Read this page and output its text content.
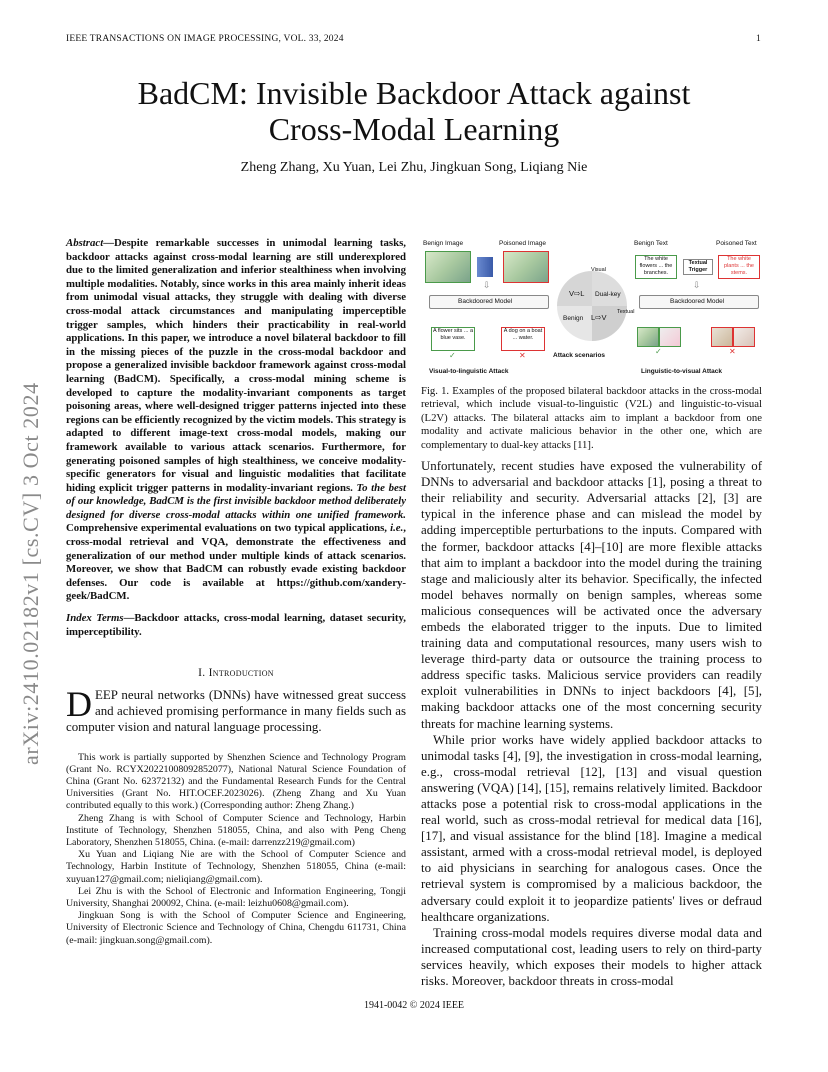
IEEE TRANSACTIONS ON IMAGE PROCESSING, VOL. 33, 2024	1
BadCM: Invisible Backdoor Attack against
Cross-Modal Learning
Zheng Zhang, Xu Yuan, Lei Zhu, Jingkuan Song, Liqiang Nie
arXiv:2410.02182v1 [cs.CV] 3 Oct 2024
Abstract—Despite remarkable successes in unimodal learning tasks, backdoor attacks against cross-modal learning are still underexplored due to the limited generalization and inferior stealthiness when involving multiple modalities. Notably, since works in this area mainly inherit ideas from unimodal visual attacks, they struggle with dealing with diverse cross-modal attack circumstances and manipulating imperceptible trigger samples, which hinders their practicability in real-world applications. In this paper, we introduce a novel bilateral backdoor to fill in the missing pieces of the puzzle in the cross-modal backdoor and propose a generalized invisible backdoor framework against cross-modal learning (BadCM). Specifically, a cross-modal mining scheme is developed to capture the modality-invariant components as target poisoning areas, where well-designed trigger patterns injected into these regions can be efficiently recognized by the victim models. This strategy is adapted to different image-text cross-modal models, making our framework available to various attack scenarios. Furthermore, for generating poisoned samples of high stealthiness, we conceive modality-specific generators for visual and linguistic modalities that facilitate hiding explicit trigger patterns in modality-invariant regions. To the best of our knowledge, BadCM is the first invisible backdoor method deliberately designed for diverse cross-modal attacks within one unified framework. Comprehensive experimental evaluations on two typical applications, i.e., cross-modal retrieval and VQA, demonstrate the effectiveness and generalization of our method under multiple kinds of attack scenarios. Moreover, we show that BadCM can robustly evade existing backdoor defenses. Our code is available at https://github.com/xandery-geek/BadCM.
Index Terms—Backdoor attacks, cross-modal learning, dataset security, imperceptibility.
I. Introduction
DEEP neural networks (DNNs) have witnessed great success and achieved promising performance in many fields such as computer vision and natural language processing.

This work is partially supported by Shenzhen Science and Technology Program (Grant No. RCYX20221008092852077), National Natural Science Foundation of China (Grant No. 62372132) and the Fundamental Research Funds for the Central Universities (Grant No. HIT.OCEF.2023026). (Zheng Zhang and Xu Yuan contributed equally to this work.) (Corresponding author: Zheng Zhang.)

Zheng Zhang is with School of Computer Science and Technology, Harbin Institute of Technology, Shenzhen 518055, China, and also with Peng Cheng Laboratory, Shenzhen 518055, China. (e-mail: darrenzz219@gmail.com)

Xu Yuan and Liqiang Nie are with the School of Computer Science and Technology, Harbin Institute of Technology, Shenzhen 518055, China (e-mail: xuyuan127@gmail.com; nieliqiang@gmail.com).

Lei Zhu is with the School of Electronic and Information Engineering, Tongji University, Shanghai 200092, China. (e-mail: leizhu0608@gmail.com).

Jingkuan Song is with the School of Computer Science and Engineering, University of Electronic Science and Technology of China, Chengdu 611731, China (e-mail: jingkuan.song@gmail.com).

Benign Image	Poisoned Image	Benign Text	Poisoned Text
The white flowers ... the branches.
Textual Trigger
The white plants ... the stems.
⇩	⇩
Backdoored Model	Backdoored Model
V⇨L Dual-key
Benign L⇨V
Visual
Textual
Attack scenarios
A flower sits ... a blue vase.
A dog on a boat ... water.
✓	✕	✓	✕
Visual-to-linguistic Attack	Linguistic-to-visual Attack
Fig. 1. Examples of the proposed bilateral backdoor attacks in the cross-modal retrieval, which include visual-to-linguistic (V2L) and linguistic-to-visual (L2V) attacks. The bilateral attacks aim to implant a backdoor from one modality and activate malicious behavior in the other one, which are complementary to dual-key attacks [11].

Unfortunately, recent studies have exposed the vulnerability of DNNs to adversarial and backdoor attacks [1], posing a threat to their reliability and security. Adversarial attacks [2], [3] are typical in the inference phase and can mislead the model by adding imperceptible perturbations to the inputs. Compared with the former, backdoor attacks [4]–[10] are more flexible attacks that aim to implant a backdoor into the model during the training stage and maliciously alter its behavior. Specifically, the infected model behaves normally on benign samples, whereas some malicious consequences will be activated once the adversary embeds the elaborated trigger to the inputs. Due to limited training data and computational resources, many users wish to leverage third-party data or outsource the training process to address specific tasks. Malicious service providers can readily exploit vulnerabilities in DNNs to inject backdoors [4], [5], making backdoor attacks one of the most concerning security threats for machine learning systems.

While prior works have widely applied backdoor attacks to unimodal tasks [4], [9], the investigation in cross-modal learning, e.g., cross-modal retrieval [12], [13] and visual question answering (VQA) [14], [15], remains relatively limited. Backdoor attacks pose a potential risk to cross-modal applications in the real world, such as cross-modal retrieval for medical data [16], [17], and visual assistance for the blind [18]. Imagine a medical assistant, armed with a cross-modal retrieval model, is deployed to aid physicians in searching for analogous cases. Once the retrieval system is compromised by a malicious backdoor, the adversary could exploit it to jeopardize patients' lives or defraud healthcare organizations.

Training cross-modal models requires diverse modal data and increased computational cost, leading users to rely on third-party services heavily, which exposes their models to higher attack risks. Moreover, backdoor threats in cross-modal

1941-0042 © 2024 IEEE
